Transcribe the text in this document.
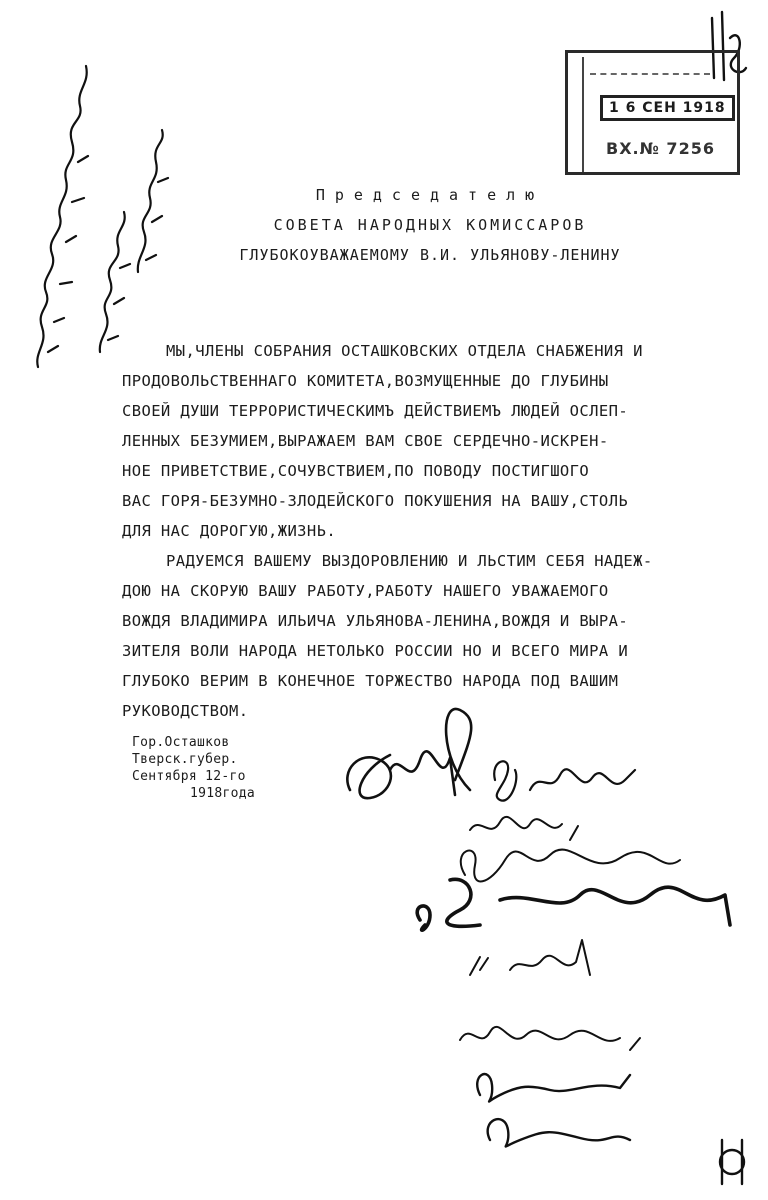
1 6 СЕН 1918
ВХ.№ 7256
Председателю
СОВЕТА НАРОДНЫХ КОМИССАРОВ
ГЛУБОКОУВАЖАЕМОМУ В.И. УЛЬЯНОВУ-ЛЕНИНУ
МЫ,ЧЛЕНЫ СОБРАНИЯ ОСТАШКОВСКИХ ОТДЕЛА СНАБЖЕНИЯ И
ПРОДОВОЛЬСТВЕННАГО КОМИТЕТА,ВОЗМУЩЕННЫЕ ДО ГЛУБИНЫ
СВОЕЙ ДУШИ ТЕРРОРИСТИЧЕСКИМЪ ДЕЙСТВИЕМЪ ЛЮДЕЙ ОСЛЕП-
ЛЕННЫХ БЕЗУМИЕМ,ВЫРАЖАЕМ ВАМ СВОЕ СЕРДЕЧНО-ИСКРЕН-
НОЕ ПРИВЕТСТВИЕ,СОЧУВСТВИЕМ,ПО ПОВОДУ ПОСТИГШОГО
ВАС ГОРЯ-БЕЗУМНО-ЗЛОДЕЙСКОГО ПОКУШЕНИЯ НА ВАШУ,СТОЛЬ
ДЛЯ НАС ДОРОГУЮ,ЖИЗНЬ.
РАДУЕМСЯ ВАШЕМУ ВЫЗДОРОВЛЕНИЮ И ЛЬСТИМ СЕБЯ НАДЕЖ-
ДОЮ НА СКОРУЮ ВАШУ РАБОТУ,РАБОТУ НАШЕГО УВАЖАЕМОГО
ВОЖДЯ ВЛАДИМИРА ИЛЬИЧА УЛЬЯНОВА-ЛЕНИНА,ВОЖДЯ И ВЫРА-
ЗИТЕЛЯ ВОЛИ НАРОДА НЕТОЛЬКО РОССИИ НО И ВСЕГО МИРА И
ГЛУБОКО ВЕРИМ В КОНЕЧНОЕ ТОРЖЕСТВО НАРОДА ПОД ВАШИМ
РУКОВОДСТВОМ.
Гор.Осташков
Тверск.губер.
Сентября 12-го
1918года
